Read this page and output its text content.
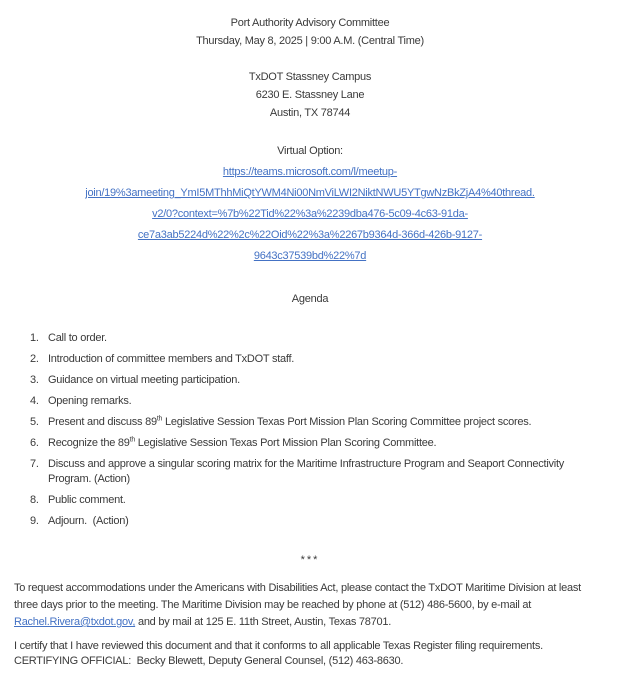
Port Authority Advisory Committee
Thursday, May 8, 2025 | 9:00 A.M. (Central Time)
TxDOT Stassney Campus
6230 E. Stassney Lane
Austin, TX 78744
Virtual Option:
https://teams.microsoft.com/l/meetup-
join/19%3ameeting_YmI5MThhMiQtYWM4Ni00NmViLWI2NiktNWU5YTgwNzBkZjA4%40thread.
v2/0?context=%7b%22Tid%22%3a%2239dba476-5c09-4c63-91da-
ce7a3ab5224d%22%2c%22Oid%22%3a%2267b9364d-366d-426b-9127-
9643c37539bd%22%7d
Agenda
1. Call to order.
2. Introduction of committee members and TxDOT staff.
3. Guidance on virtual meeting participation.
4. Opening remarks.
5. Present and discuss 89th Legislative Session Texas Port Mission Plan Scoring Committee project scores.
6. Recognize the 89th Legislative Session Texas Port Mission Plan Scoring Committee.
7. Discuss and approve a singular scoring matrix for the Maritime Infrastructure Program and Seaport Connectivity Program. (Action)
8. Public comment.
9. Adjourn.  (Action)
***

To request accommodations under the Americans with Disabilities Act, please contact the TxDOT Maritime Division at least three days prior to the meeting. The Maritime Division may be reached by phone at (512) 486-5600, by e-mail at Rachel.Rivera@txdot.gov, and by mail at 125 E. 11th Street, Austin, Texas 78701.

I certify that I have reviewed this document and that it conforms to all applicable Texas Register filing requirements.

CERTIFYING OFFICIAL:  Becky Blewett, Deputy General Counsel, (512) 463-8630.
